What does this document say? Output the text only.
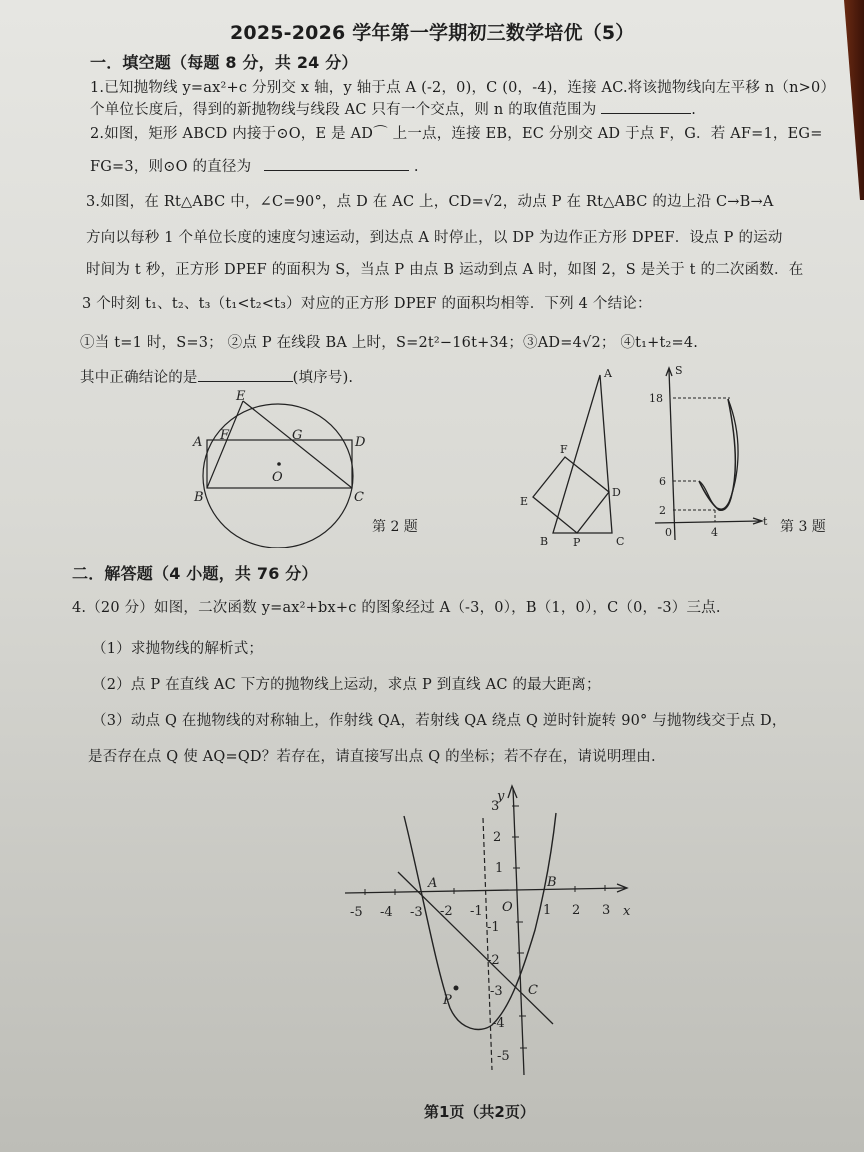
2025-2026 学年第一学期初三数学培优（5）
一．填空题（每题 8 分，共 24 分）
1.已知抛物线 y=ax²+c 分别交 x 轴，y 轴于点 A (-2，0)，C (0，-4)，连接 AC.将该抛物线向左平移 n（n>0）
个单位长度后，得到的新抛物线与线段 AC 只有一个交点，则 n 的取值范围为	.
2.如图，矩形 ABCD 内接于⊙O，E 是 AD⌒ 上一点，连接 EB，EC 分别交 AD 于点 F，G．若 AF=1，EG=
FG=3，则⊙O 的直径为	.
3.如图，在 Rt△ABC 中，∠C=90°，点 D 在 AC 上，CD=√2，动点 P 在 Rt△ABC 的边上沿 C→B→A
方向以每秒 1 个单位长度的速度匀速运动，到达点 A 时停止，以 DP 为边作正方形 DPEF．设点 P 的运动
时间为 t 秒，正方形 DPEF 的面积为 S，当点 P 由点 B 运动到点 A 时，如图 2，S 是关于 t 的二次函数．在
3 个时刻 t₁、t₂、t₃（t₁<t₂<t₃）对应的正方形 DPEF 的面积均相等．下列 4 个结论：
①当 t=1 时，S=3； ②点 P 在线段 BA 上时，S=2t²−16t+34；③AD=4√2； ④t₁+t₂=4.
其中正确结论的是	(填序号).
E
A F	G	D
O
B	C
第 2 题
A
F
D
E
B P	C
S
18
6
2
0	4
t 第 3 题
二．解答题（4 小题，共 76 分）
4.（20 分）如图，二次函数 y=ax²+bx+c 的图象经过 A（-3，0），B（1，0），C（0，-3）三点.
（1）求抛物线的解析式；
（2）点 P 在直线 AC 下方的抛物线上运动，求点 P 到直线 AC 的最大距离；
（3）动点 Q 在抛物线的对称轴上，作射线 QA，若射线 QA 绕点 Q 逆时针旋转 90° 与抛物线交于点 D，
是否存在点 Q 使 AQ=QD？若存在，请直接写出点 Q 的坐标；若不存在，请说明理由.
y
x
O
A	B
C
P
-5 -4 -3 -2 -1	1 2 3
3
2
1
-1
-2
-3
-4
-5
第1页（共2页）
